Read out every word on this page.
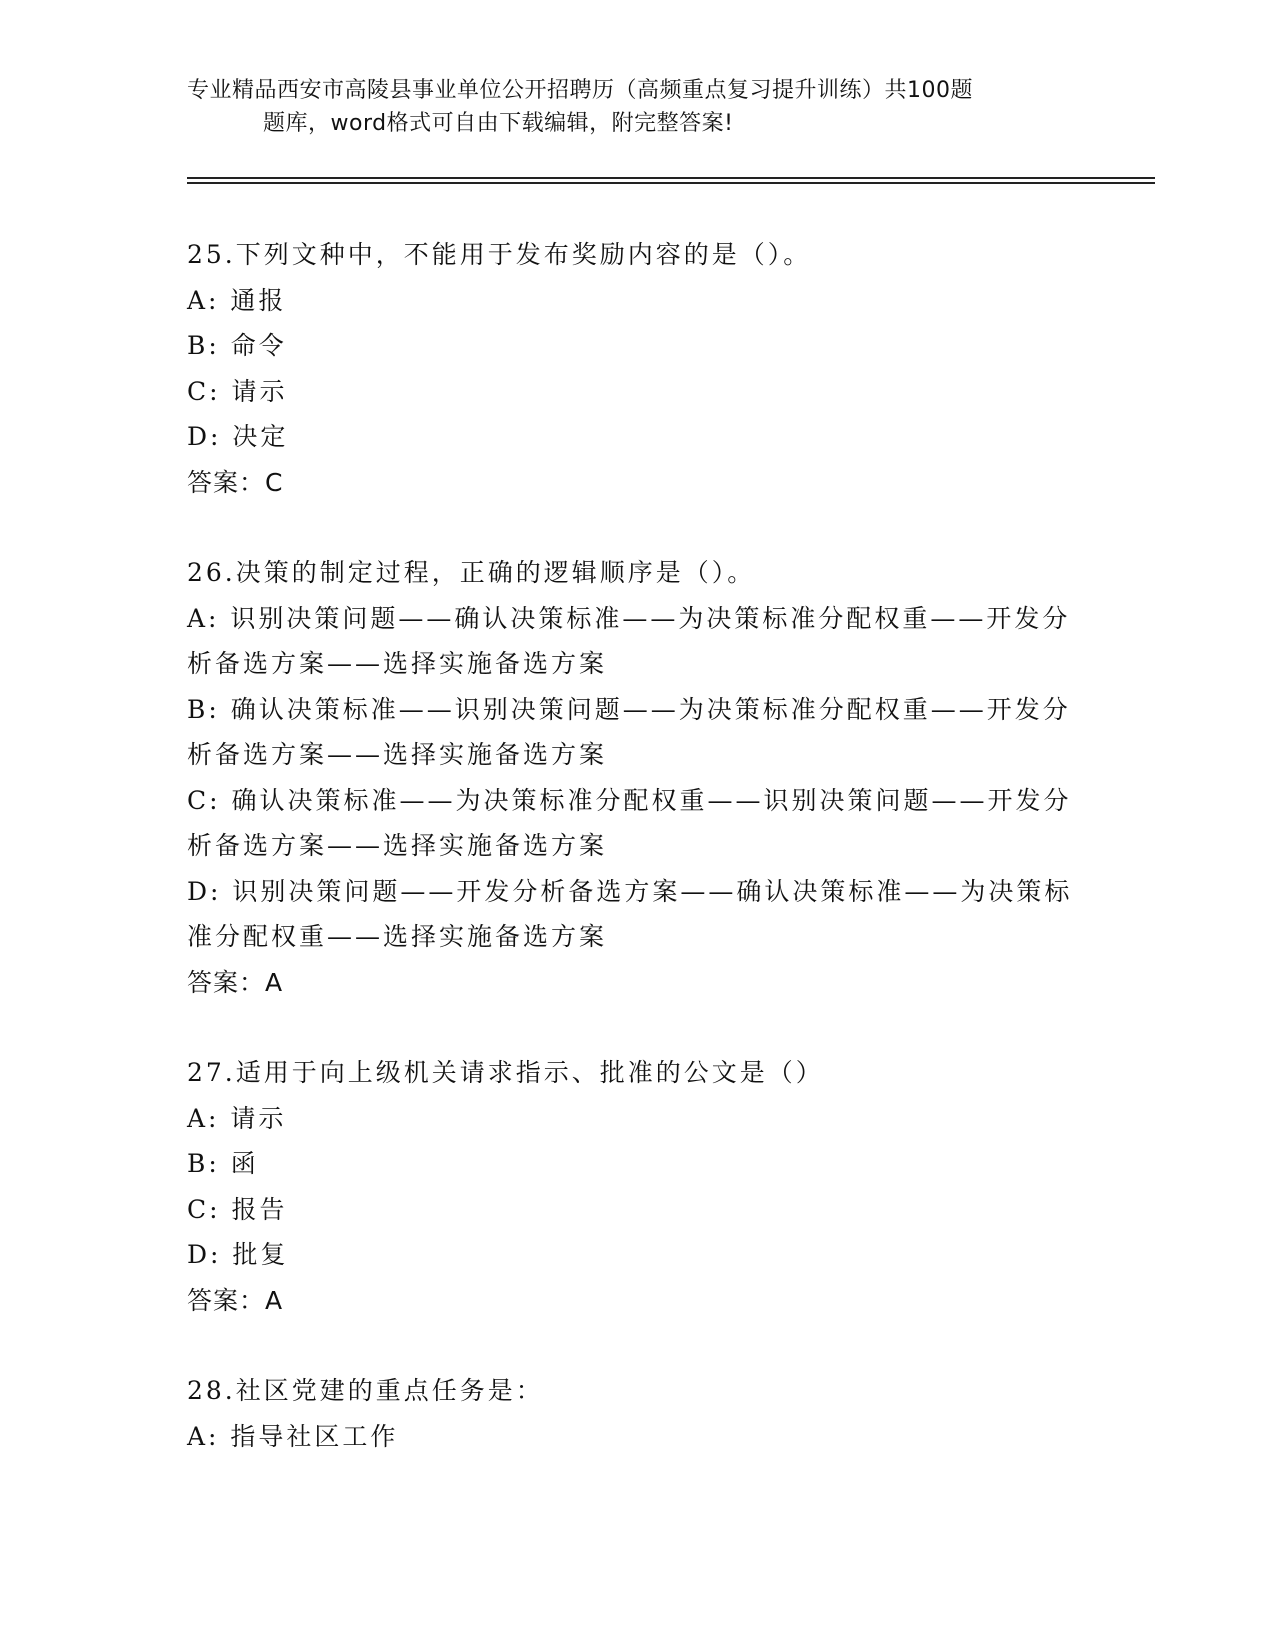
专业精品西安市高陵县事业单位公开招聘历（高频重点复习提升训练）共100题
题库，word格式可自由下载编辑，附完整答案!
25.下列文种中，不能用于发布奖励内容的是（）。
A: 通报
B: 命令
C: 请示
D: 决定
答案：C
26.决策的制定过程，正确的逻辑顺序是（）。
A: 识别决策问题——确认决策标准——为决策标准分配权重——开发分析备选方案——选择实施备选方案
B: 确认决策标准——识别决策问题——为决策标准分配权重——开发分析备选方案——选择实施备选方案
C: 确认决策标准——为决策标准分配权重——识别决策问题——开发分析备选方案——选择实施备选方案
D: 识别决策问题——开发分析备选方案——确认决策标准——为决策标准分配权重——选择实施备选方案
答案：A
27.适用于向上级机关请求指示、批准的公文是（）
A: 请示
B: 函
C: 报告
D: 批复
答案：A
28.社区党建的重点任务是：
A: 指导社区工作
